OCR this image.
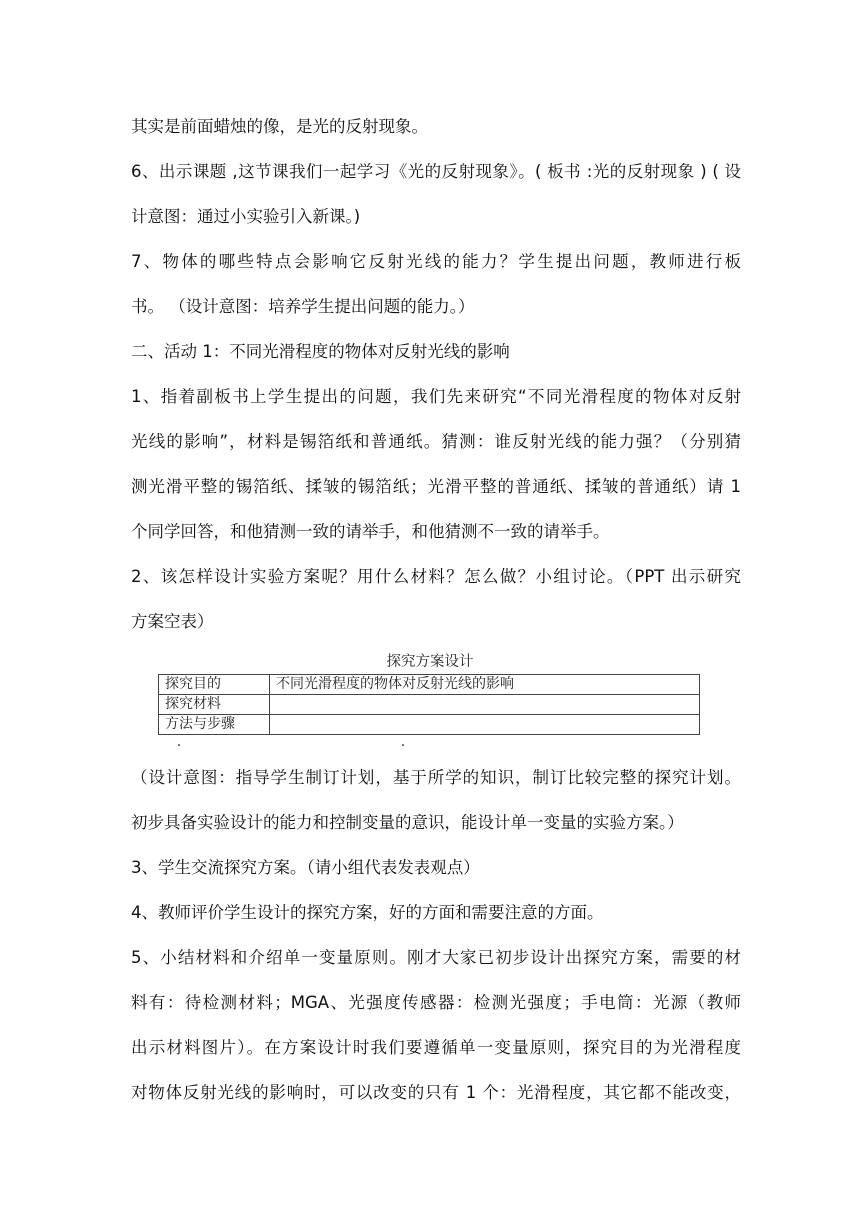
其实是前面蜡烛的像，是光的反射现象。
6、出示课题 ,这节课我们一起学习《光的反射现象》。( 板书 :光的反射现象 ) ( 设
计意图：通过小实验引入新课。)
7、物体的哪些特点会影响它反射光线的能力？学生提出问题，教师进行板
书。 （设计意图：培养学生提出问题的能力。）
二、活动 1：不同光滑程度的物体对反射光线的影响
1、指着副板书上学生提出的问题，我们先来研究“不同光滑程度的物体对反射
光线的影响”，材料是锡箔纸和普通纸。猜测：谁反射光线的能力强？（分别猜
测光滑平整的锡箔纸、揉皱的锡箔纸；光滑平整的普通纸、揉皱的普通纸）请 1
个同学回答，和他猜测一致的请举手，和他猜测不一致的请举手。
2、该怎样设计实验方案呢？用什么材料？怎么做？小组讨论。（PPT 出示研究
方案空表）
探究方案设计
探究目的	不同光滑程度的物体对反射光线的影响
探究材料	
方法与步骤	
（设计意图：指导学生制订计划，基于所学的知识，制订比较完整的探究计划。
初步具备实验设计的能力和控制变量的意识，能设计单一变量的实验方案。）
3、学生交流探究方案。（请小组代表发表观点）
4、教师评价学生设计的探究方案，好的方面和需要注意的方面。
5、小结材料和介绍单一变量原则。刚才大家已初步设计出探究方案，需要的材
料有：待检测材料；MGA、光强度传感器：检测光强度；手电筒：光源（教师
出示材料图片）。在方案设计时我们要遵循单一变量原则，探究目的为光滑程度
对物体反射光线的影响时，可以改变的只有 1 个：光滑程度，其它都不能改变，
